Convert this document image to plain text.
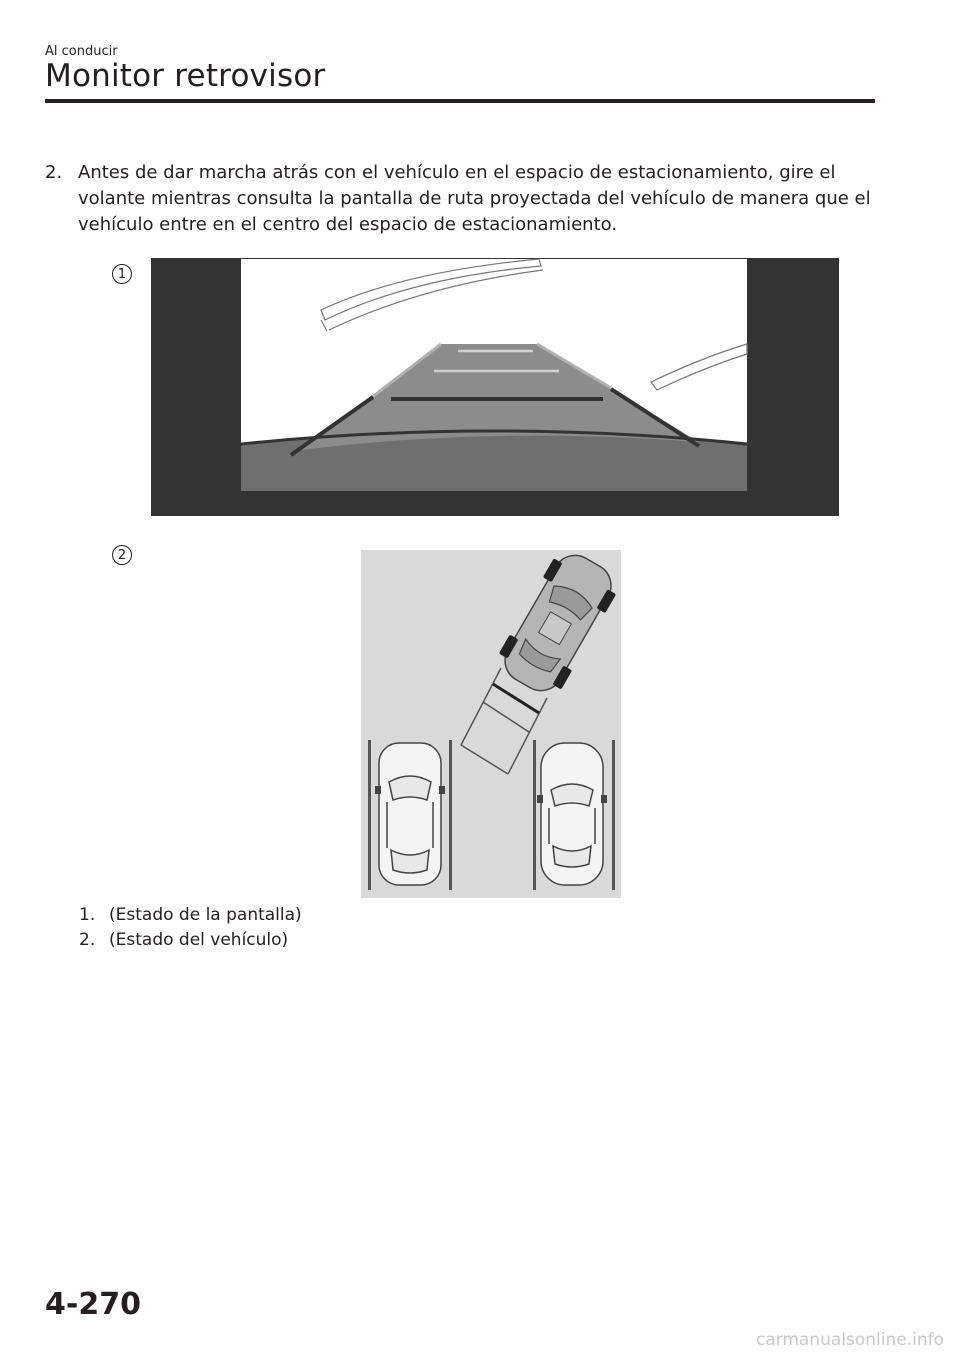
Al conducir
Monitor retrovisor
2. Antes de dar marcha atrás con el vehículo en el espacio de estacionamiento, gire el volante mientras consulta la pantalla de ruta proyectada del vehículo de manera que el vehículo entre en el centro del espacio de estacionamiento.
1
2
1. (Estado de la pantalla)
2. (Estado del vehículo)
4-270
carmanualsonline.info
